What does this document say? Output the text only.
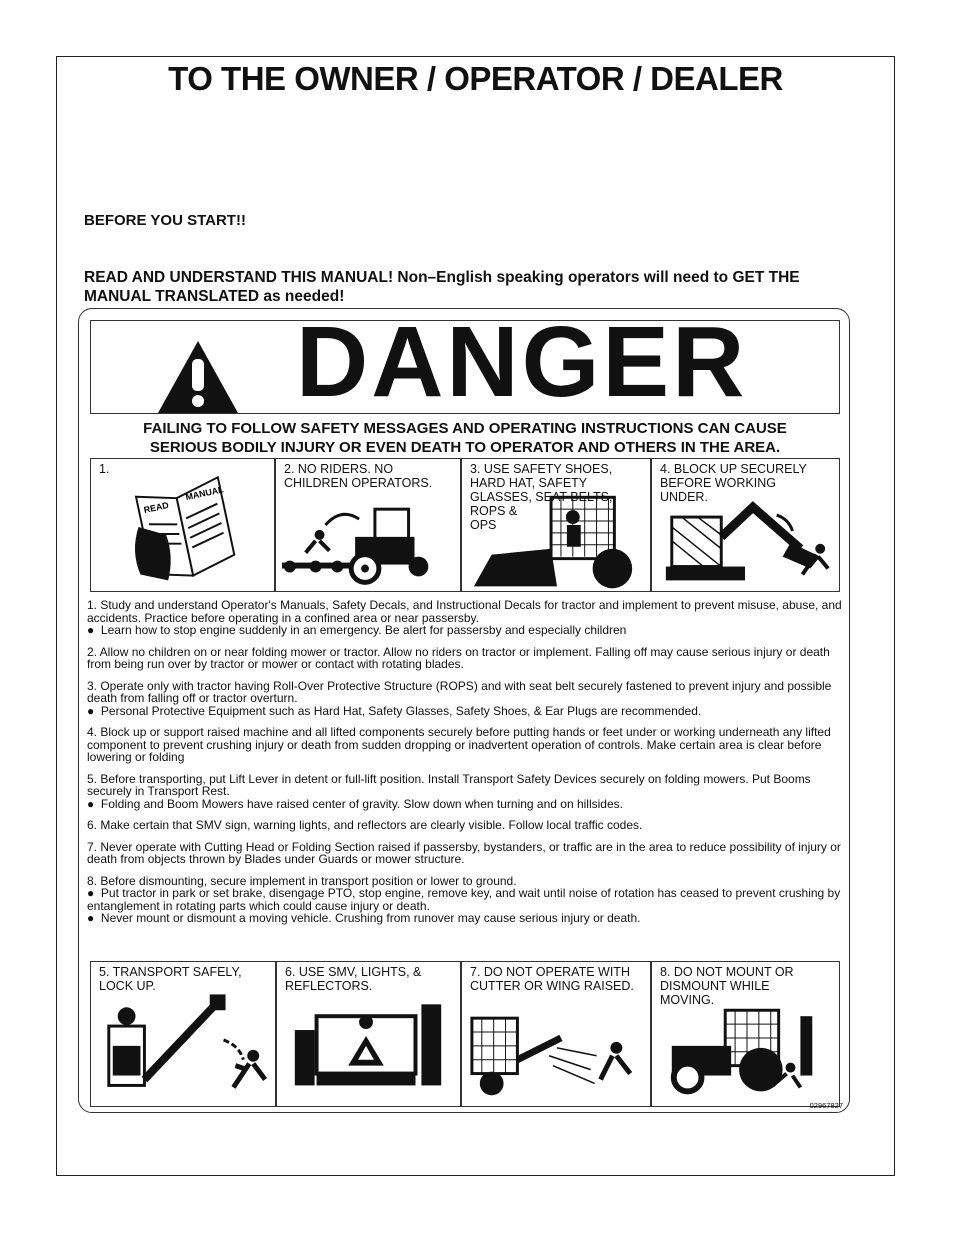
TO THE OWNER / OPERATOR / DEALER

BEFORE YOU START!!

READ AND UNDERSTAND THIS MANUAL! Non–English speaking operators will need to GET THE MANUAL TRANSLATED as needed!

DANGER
FAILING TO FOLLOW SAFETY MESSAGES AND OPERATING INSTRUCTIONS CAN CAUSE
SERIOUS BODILY INJURY OR EVEN DEATH TO OPERATOR AND OTHERS IN THE AREA.
1.
READ
MANUAL
2. NO RIDERS. NO
CHILDREN OPERATORS.
3. USE SAFETY SHOES,
HARD HAT, SAFETY
GLASSES, SEAT BELTS,
ROPS &
OPS
4. BLOCK UP SECURELY
BEFORE WORKING
UNDER.
1. Study and understand Operator's Manuals, Safety Decals, and Instructional Decals for tractor and implement to prevent misuse, abuse, and accidents. Practice before operating in a confined area or near passersby.
●  Learn how to stop engine suddenly in an emergency. Be alert for passersby and especially children
2. Allow no children on or near folding mower or tractor. Allow no riders on tractor or implement. Falling off may cause serious injury or death from being run over by tractor or mower or contact with rotating blades.
3. Operate only with tractor having Roll-Over Protective Structure (ROPS) and with seat belt securely fastened to prevent injury and possible death from falling off or tractor overturn.
●  Personal Protective Equipment such as Hard Hat, Safety Glasses, Safety Shoes, & Ear Plugs are recommended.
4. Block up or support raised machine and all lifted components securely before putting hands or feet under or working underneath any lifted component to prevent crushing injury or death from sudden dropping or inadvertent operation of controls. Make certain area is clear before lowering or folding
5. Before transporting, put Lift Lever in detent or full-lift position. Install Transport Safety Devices securely on folding mowers. Put Booms securely in Transport Rest.
●  Folding and Boom Mowers have raised center of gravity. Slow down when turning and on hillsides.
6. Make certain that SMV sign, warning lights, and reflectors are clearly visible. Follow local traffic codes.
7. Never operate with Cutting Head or Folding Section raised if passersby, bystanders, or traffic are in the area to reduce possibility of injury or death from objects thrown by Blades under Guards or mower structure.
8. Before dismounting, secure implement in transport position or lower to ground.
●  Put tractor in park or set brake, disengage PTO, stop engine, remove key, and wait until noise of rotation has ceased to prevent crushing by entanglement in rotating parts which could cause injury or death.
●  Never mount or dismount a moving vehicle. Crushing from runover may cause serious injury or death.
5. TRANSPORT SAFELY,
LOCK UP.
6. USE SMV, LIGHTS, &
REFLECTORS.
7. DO NOT OPERATE WITH
CUTTER OR WING RAISED.
8. DO NOT MOUNT OR
DISMOUNT WHILE
MOVING.
02967827
